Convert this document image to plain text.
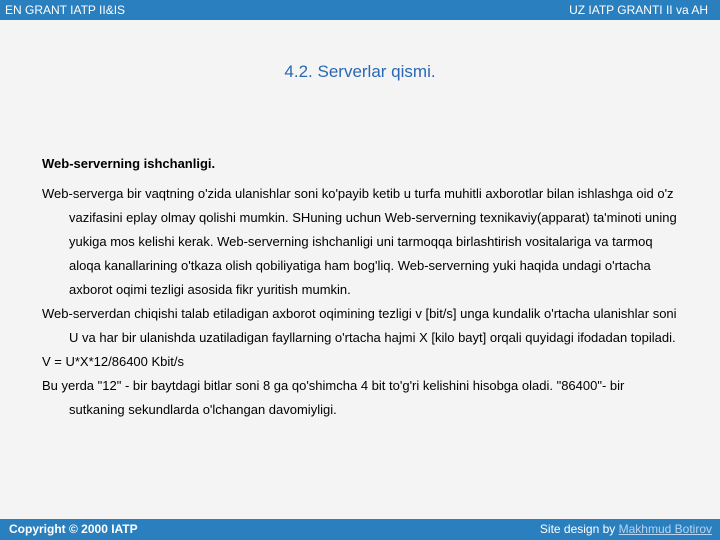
EN GRANT IATP II&IS	UZ IATP GRANTI II va AH
4.2. Serverlar qismi.
Web-serverning ishchanligi.
Web-serverga bir vaqtning o'zida ulanishlar soni ko'payib ketib u turfa muhitli axborotlar bilan ishlashga oid o'z vazifasini eplay olmay qolishi mumkin. SHuning uchun Web-serverning texnikaviy(apparat) ta'minoti uning yukiga mos kelishi kerak. Web-serverning ishchanligi uni tarmoqqa birlashtirish vositalariga va tarmoq aloqa kanallarining o'tkaza olish qobiliyatiga ham bog'liq. Web-serverning yuki haqida undagi o'rtacha axborot oqimi tezligi asosida fikr yuritish mumkin.
Web-serverdan chiqishi talab etiladigan axborot oqimining tezligi v [bit/s] unga kundalik o'rtacha ulanishlar soni U va har bir ulanishda uzatiladigan fayllarning o'rtacha hajmi X [kilo bayt] orqali quyidagi ifodadan topiladi.
V = U*X*12/86400 Kbit/s
Bu yerda "12" - bir baytdagi bitlar soni 8 ga qo'shimcha 4 bit to'g'ri kelishini hisobga oladi. "86400"- bir sutkaning sekundlarda o'lchangan davomiyligi.
Copyright © 2000 IATP	Site design by Makhmud Botirov
